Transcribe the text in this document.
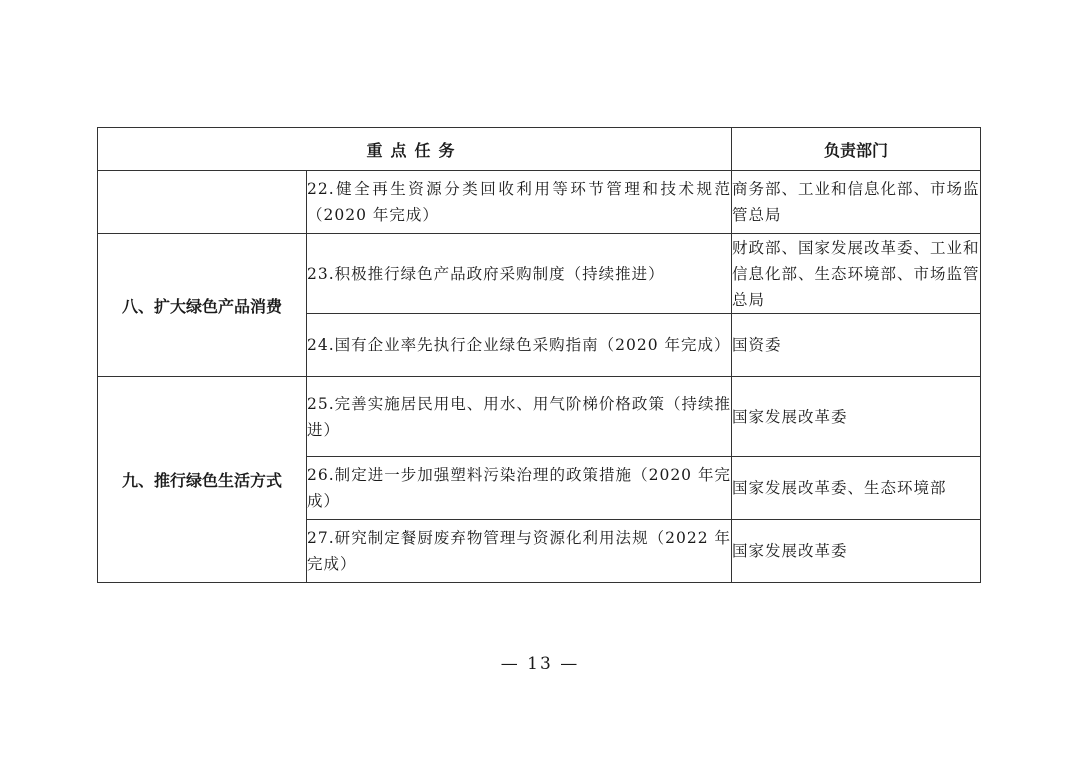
重点任务		负责部门
	22.健全再生资源分类回收利用等环节管理和技术规范（2020 年完成）	商务部、工业和信息化部、市场监管总局
八、扩大绿色产品消费	23.积极推行绿色产品政府采购制度（持续推进）	财政部、国家发展改革委、工业和信息化部、生态环境部、市场监管总局
	24.国有企业率先执行企业绿色采购指南（2020 年完成）	国资委
九、推行绿色生活方式	25.完善实施居民用电、用水、用气阶梯价格政策（持续推进）	国家发展改革委
	26.制定进一步加强塑料污染治理的政策措施（2020 年完成）	国家发展改革委、生态环境部
	27.研究制定餐厨废弃物管理与资源化利用法规（2022 年完成）	国家发展改革委
— 13 —
